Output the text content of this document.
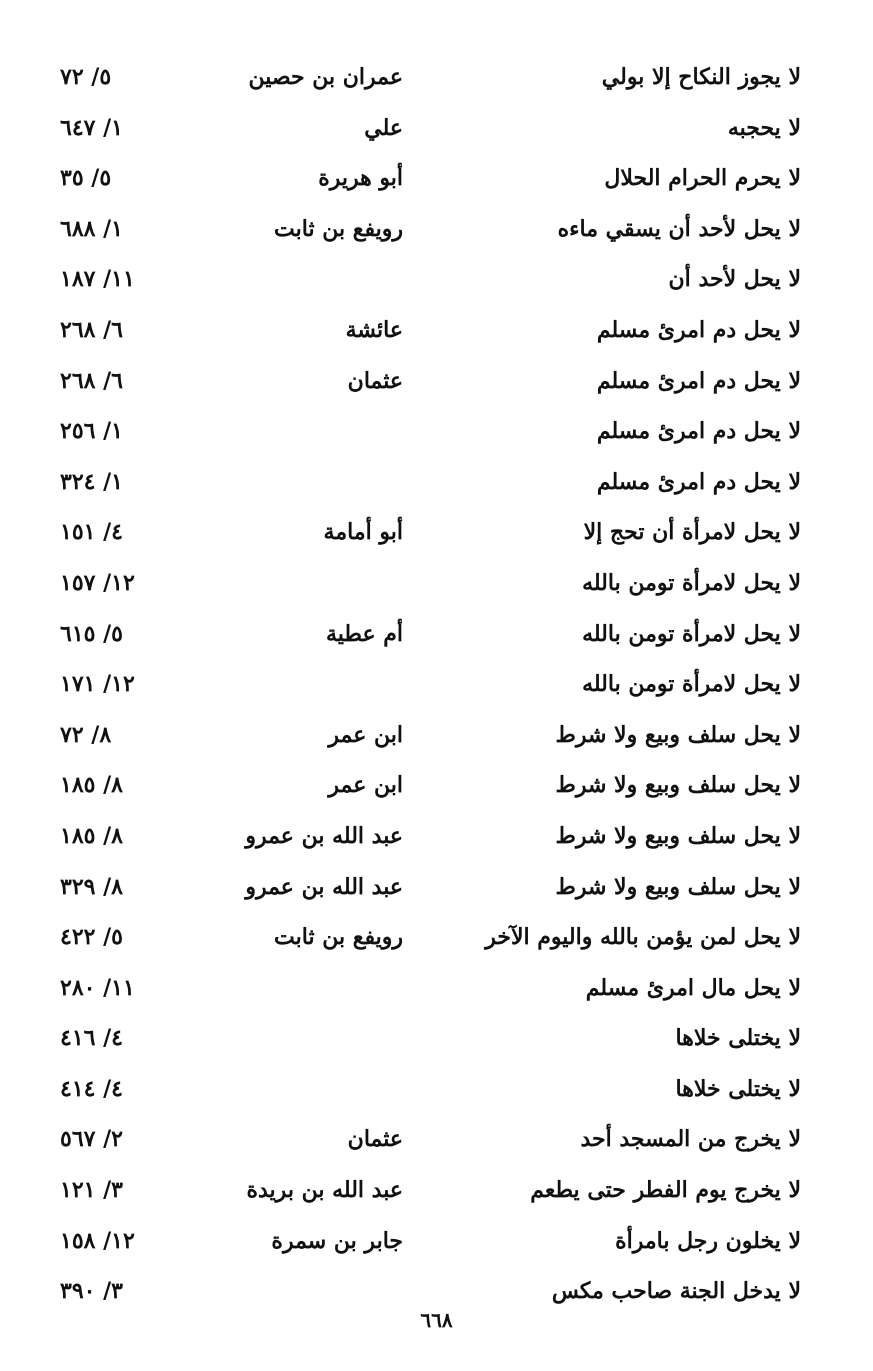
لا يجوز النكاح إلا بولي
عمران بن حصين
٥/ ٧٢
لا يحجبه
علي
١/ ٦٤٧
لا يحرم الحرام الحلال
أبو هريرة
٥/ ٣٥
لا يحل لأحد أن يسقي ماءه
رويفع بن ثابت
١/ ٦٨٨
لا يحل لأحد أن
١١/ ١٨٧
لا يحل دم امرئ مسلم
عائشة
٦/ ٢٦٨
لا يحل دم امرئ مسلم
عثمان
٦/ ٢٦٨
لا يحل دم امرئ مسلم
١/ ٢٥٦
لا يحل دم امرئ مسلم
١/ ٣٢٤
لا يحل لامرأة أن تحج إلا
أبو أمامة
٤/ ١٥١
لا يحل لامرأة تومن بالله
١٢/ ١٥٧
لا يحل لامرأة تومن بالله
أم عطية
٥/ ٦١٥
لا يحل لامرأة تومن بالله
١٢/ ١٧١
لا يحل سلف وبيع ولا شرط
ابن عمر
٨/ ٧٢
لا يحل سلف وبيع ولا شرط
ابن عمر
٨/ ١٨٥
لا يحل سلف وبيع ولا شرط
عبد الله بن عمرو
٨/ ١٨٥
لا يحل سلف وبيع ولا شرط
عبد الله بن عمرو
٨/ ٣٢٩
لا يحل لمن يؤمن بالله واليوم الآخر
رويفع بن ثابت
٥/ ٤٢٢
لا يحل مال امرئ مسلم
١١/ ٢٨٠
لا يختلى خلاها
٤/ ٤١٦
لا يختلى خلاها
٤/ ٤١٤
لا يخرج من المسجد أحد
عثمان
٢/ ٥٦٧
لا يخرج يوم الفطر حتى يطعم
عبد الله بن بريدة
٣/ ١٢١
لا يخلون رجل بامرأة
جابر بن سمرة
١٢/ ١٥٨
لا يدخل الجنة صاحب مكس
٣/ ٣٩٠
٦٦٨
